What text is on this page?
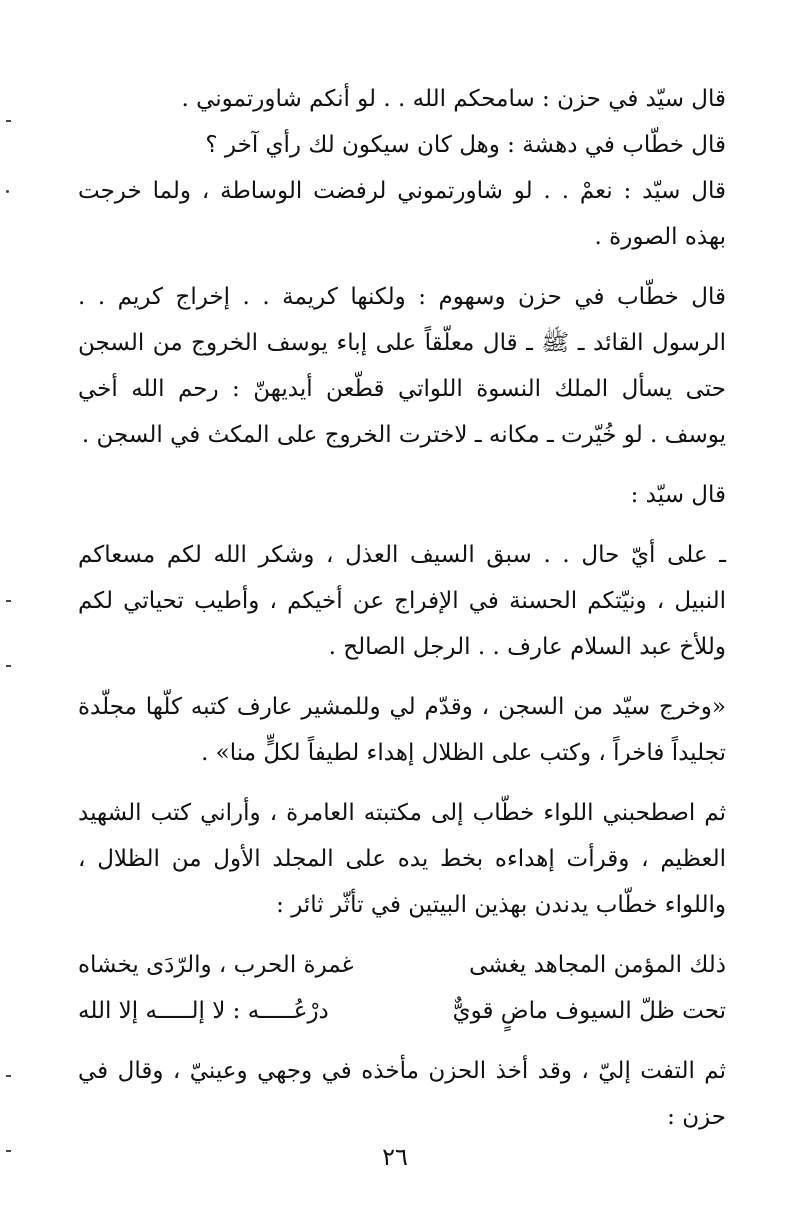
قال سيّد في حزن : سامحكم الله . . لو أنكم شاورتموني .

قال خطّاب في دهشة : وهل كان سيكون لك رأي آخر ؟

قال سيّد : نعمْ . . لو شاورتموني لرفضت الوساطة ، ولما خرجت بهذه الصورة .

قال خطّاب في حزن وسهوم : ولكنها كريمة . . إخراج كريم . . الرسول القائد ـ ﷺ ـ قال معلّقاً على إباء يوسف الخروج من السجن حتى يسأل الملك النسوة اللواتي قطّعن أيديهنّ : رحم الله أخي يوسف . لو خُيّرت ـ مكانه ـ لاخترت الخروج على المكث في السجن .

قال سيّد :

ـ على أيّ حال . . سبق السيف العذل ، وشكر الله لكم مسعاكم النبيل ، ونيّتكم الحسنة في الإفراج عن أخيكم ، وأطيب تحياتي لكم وللأخ عبد السلام عارف . . الرجل الصالح .

«وخرج سيّد من السجن ، وقدّم لي وللمشير عارف كتبه كلّها مجلّدة تجليداً فاخراً ، وكتب على الظلال إهداء لطيفاً لكلٍّ منا» .

ثم اصطحبني اللواء خطّاب إلى مكتبته العامرة ، وأراني كتب الشهيد العظيم ، وقرأت إهداءه بخط يده على المجلد الأول من الظلال ، واللواء خطّاب يدندن بهذين البيتين في تأثّر ثائر :

ذلك المؤمن المجاهد يغشى
غمرة الحرب ، والرّدَى يخشاه
تحت ظلّ السيوف ماضٍ قويٌّ
درْعُـــــه : لا إلـــــه إلا الله

ثم التفت إليّ ، وقد أخذ الحزن مأخذه في وجهي وعينيّ ، وقال في حزن :

٢٦
